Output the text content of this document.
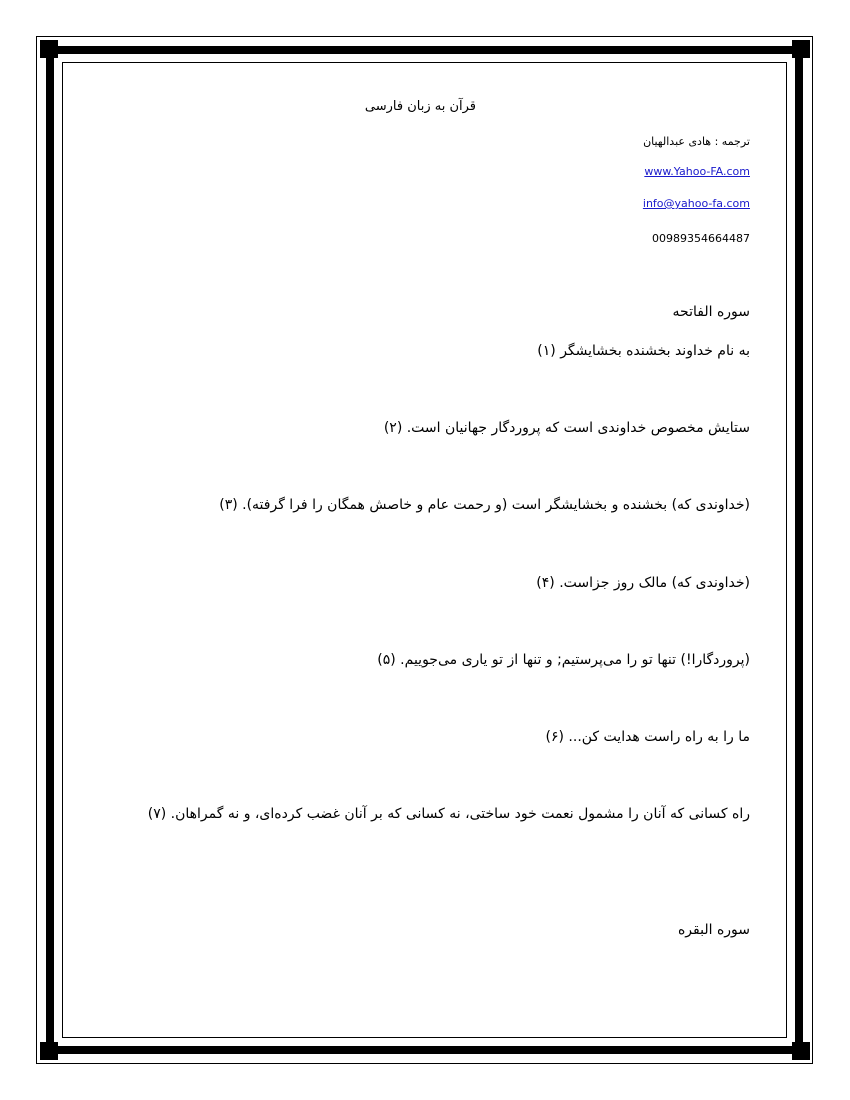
قرآن به زبان فارسی
ترجمه : هادی عبدالهیان
www.Yahoo-FA.com
info@yahoo-fa.com
00989354664487
سوره الفاتحه
به نام خداوند بخشنده بخشایشگر (۱)
ستایش مخصوص خداوندی است که پروردگار جهانیان است. (۲)
(خداوندی که) بخشنده و بخشایشگر است (و رحمت عام و خاصش همگان را فرا گرفته). (۳)
(خداوندی که) مالک روز جزاست. (۴)
(پروردگارا!) تنها تو را می‌پرستیم; و تنها از تو یاری می‌جوییم. (۵)
ما را به راه راست هدایت کن... (۶)
راه کسانی که آنان را مشمول نعمت خود ساختی، نه کسانی که بر آنان غضب کرده‌ای، و نه گمراهان. (۷)
سوره البقره
